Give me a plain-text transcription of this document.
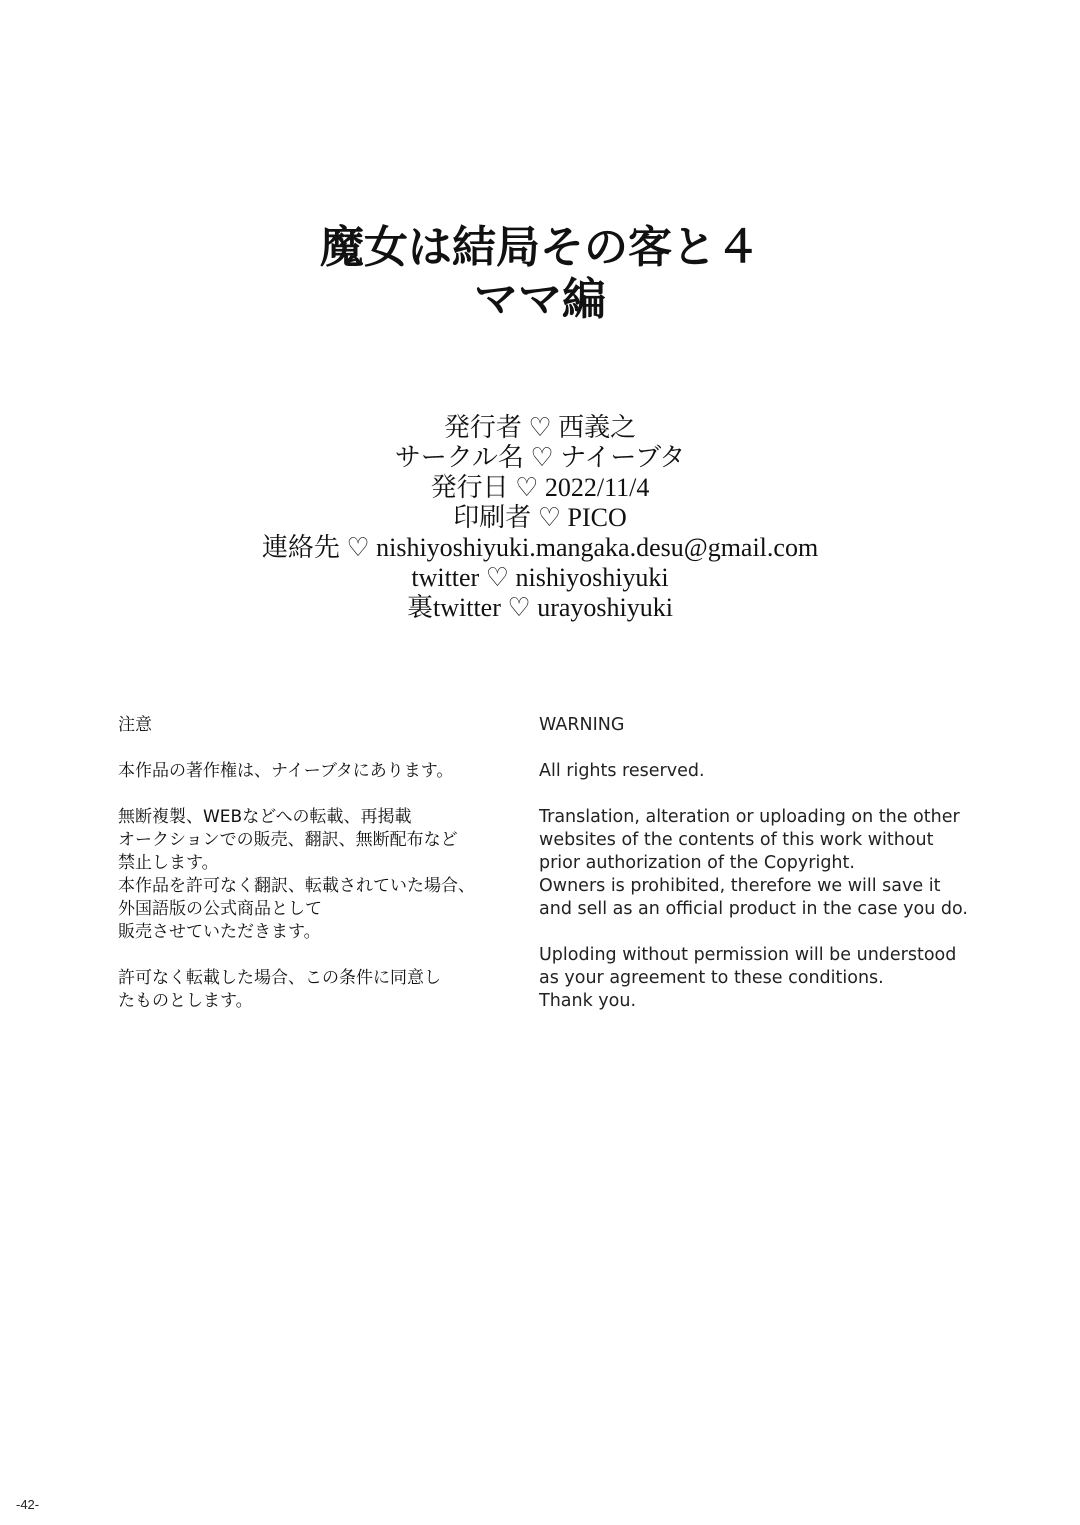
魔女は結局その客と４
ママ編
発行者 ♡ 西義之
サークル名 ♡ ナイーブタ
発行日 ♡ 2022/11/4
印刷者 ♡ PICO
連絡先 ♡ nishiyoshiyuki.mangaka.desu@gmail.com
twitter ♡ nishiyoshiyuki
裏twitter ♡ urayoshiyuki

注意

本作品の著作権は、ナイーブタにあります。

無断複製、WEBなどへの転載、再掲載
オークションでの販売、翻訳、無断配布など
禁止します。
本作品を許可なく翻訳、転載されていた場合、
外国語版の公式商品として
販売させていただきます。

許可なく転載した場合、この条件に同意し
たものとします。

WARNING

All rights reserved.

Translation, alteration or uploading on the other
websites of the contents of this work without
prior authorization of the Copyright.
Owners is prohibited, therefore we will save it
and sell as an official product in the case you do.

Uploding without permission will be understood
as your agreement to these conditions.
Thank you.

-42-
